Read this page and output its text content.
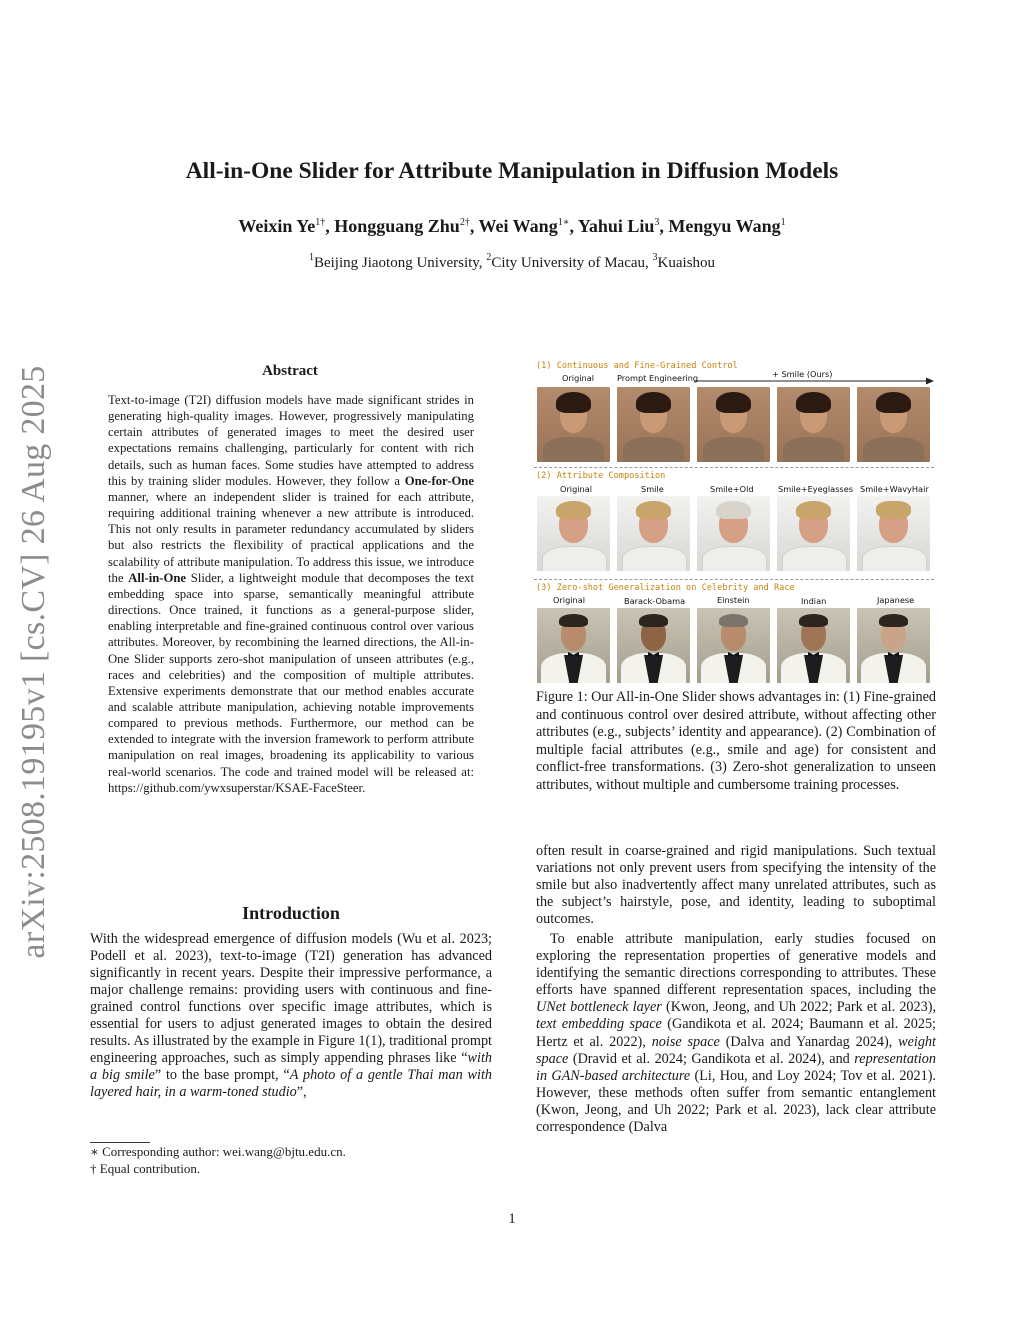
arXiv:2508.19195v1 [cs.CV] 26 Aug 2025
All-in-One Slider for Attribute Manipulation in Diffusion Models
Weixin $Ye^{1\dagger}$, Hongguang Zhu$^{2\dagger}$, Wei Wang$^{1∗}$, Yahui Liu$^3$, Mengyu Wang$^1$
$^1$Beijing Jiaotong University, $^2$City University of Macau, $^3$Kuaishou
Abstract
Text-to-image (T2I) diffusion models have made significant strides in generating high-quality images. However, progressively manipulating certain attributes of generated images to meet the desired user expectations remains challenging, particularly for content with rich details, such as human faces. Some studies have attempted to address this by training slider modules. However, they follow a One-for-One manner, where an independent slider is trained for each attribute, requiring additional training whenever a new attribute is introduced. This not only results in parameter redundancy accumulated by sliders but also restricts the flexibility of practical applications and the scalability of attribute manipulation. To address this issue, we introduce the All-in-One Slider, a lightweight module that decomposes the text embedding space into sparse, semantically meaningful attribute directions. Once trained, it functions as a general-purpose slider, enabling interpretable and fine-grained continuous control over various attributes. Moreover, by recombining the learned directions, the All-in-One Slider supports zero-shot manipulation of unseen attributes (e.g., races and celebrities) and the composition of multiple attributes. Extensive experiments demonstrate that our method enables accurate and scalable attribute manipulation, achieving notable improvements compared to previous methods. Furthermore, our method can be extended to integrate with the inversion framework to perform attribute manipulation on real images, broadening its applicability to various real-world scenarios. The code and trained model will be released at: https://github.com/ywxsuperstar/KSAE-FaceSteer.
Introduction
With the widespread emergence of diffusion models (Wu et al. 2023; Podell et al. 2023), text-to-image (T2I) generation has advanced significantly in recent years. Despite their impressive performance, a major challenge remains: providing users with continuous and fine-grained control functions over specific image attributes, which is essential for users to adjust generated images to obtain the desired results. As illustrated by the example in Figure 1(1), traditional prompt engineering approaches, such as simply appending phrases like “with a big smile” to the base prompt, “A photo of a gentle Thai man with layered hair, in a warm-toned studio”,
∗ Corresponding author: wei.wang@bjtu.edu.cn.
† Equal contribution.
(1) Continuous and Fine-Grained Control
Original	Prompt Engineering	+ Smile (Ours)
(2) Attribute Composition
Original	Smile	Smile+Old	Smile+Eyeglasses Smile+WavyHair
(3) Zero-shot Generalization on Celebrity and Race
Original	Barack-Obama	Einstein	Indian	Japanese
Figure 1: Our All-in-One Slider shows advantages in: (1) Fine-grained and continuous control over desired attribute, without affecting other attributes (e.g., subjects’ identity and appearance). (2) Combination of multiple facial attributes (e.g., smile and age) for consistent and conflict-free transformations. (3) Zero-shot generalization to unseen attributes, without multiple and cumbersome training processes.

often result in coarse-grained and rigid manipulations. Such textual variations not only prevent users from specifying the intensity of the smile but also inadvertently affect many unrelated attributes, such as the subject’s hairstyle, pose, and identity, leading to suboptimal outcomes.

To enable attribute manipulation, early studies focused on exploring the representation properties of generative models and identifying the semantic directions corresponding to attributes. These efforts have spanned different representation spaces, including the UNet bottleneck layer (Kwon, Jeong, and Uh 2022; Park et al. 2023), text embedding space (Gandikota et al. 2024; Baumann et al. 2025; Hertz et al. 2022), noise space (Dalva and Yanardag 2024), weight space (Dravid et al. 2024; Gandikota et al. 2024), and representation in GAN-based architecture (Li, Hou, and Loy 2024; Tov et al. 2021). However, these methods often suffer from semantic entanglement (Kwon, Jeong, and Uh 2022; Park et al. 2023), lack clear attribute correspondence (Dalva

1
